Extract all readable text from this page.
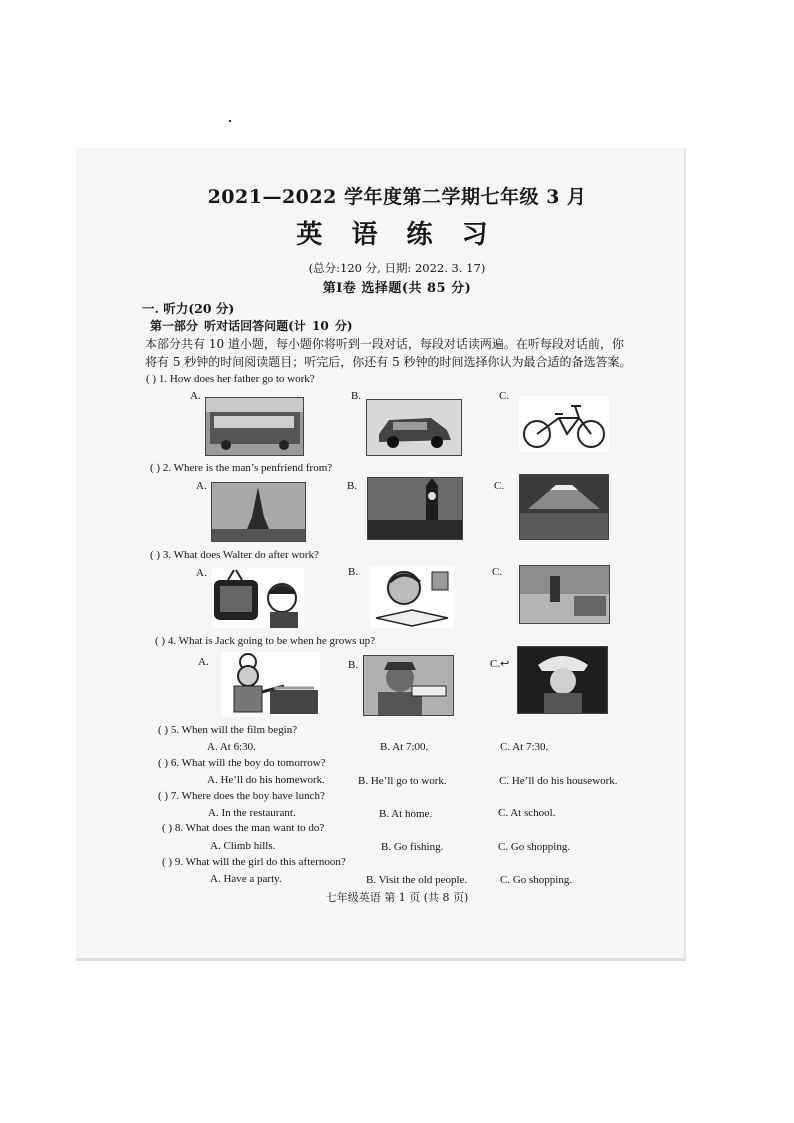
2021—2022 学年度第二学期七年级 3 月
英 语 练 习
(总分:120 分, 日期: 2022. 3. 17)
第Ⅰ卷 选择题(共 85 分)
一. 听力(20 分)
第一部分 听对话回答问题(计 10 分)
本部分共有 10 道小题，每小题你将听到一段对话，每段对话读两遍。在听每段对话前，你
将有 5 秒钟的时间阅读题目；听完后，你还有 5 秒钟的时间选择你认为最合适的备选答案。
( ) 1. How does her father go to work?
A.	B.	C.
( ) 2. Where is the man’s penfriend from?
A.	B.	C.
( ) 3. What does Walter do after work?
A.	B.	C.
( ) 4. What is Jack going to be when he grows up?
A.	B.	C.↩
( ) 5. When will the film begin?
A. At 6:30.	B. At 7:00.	C. At 7:30.
( ) 6. What will the boy do tomorrow?
A. He’ll do his homework.	B. He’ll go to work.	C. He’ll do his housework.
( ) 7. Where does the boy have lunch?
A. In the restaurant.	B. At home.	C. At school.
( ) 8. What does the man want to do?
A. Climb hills.	B. Go fishing.	C. Go shopping.
( ) 9. What will the girl do this afternoon?
A. Have a party.	B. Visit the old people.	C. Go shopping.
七年级英语 第 1 页 (共 8 页)
